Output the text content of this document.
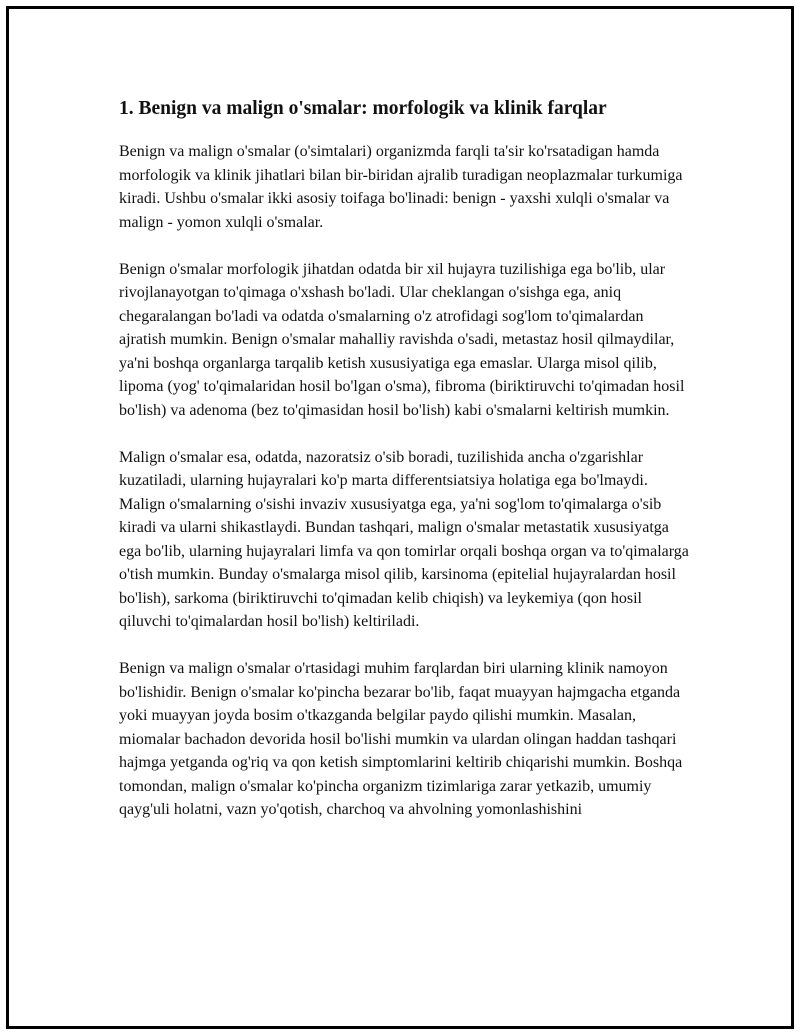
1. Benign va malign o'smalar: morfologik va klinik farqlar

Benign va malign o'smalar (o'simtalari) organizmda farqli ta'sir ko'rsatadigan hamda morfologik va klinik jihatlari bilan bir-biridan ajralib turadigan neoplazmalar turkumiga kiradi. Ushbu o'smalar ikki asosiy toifaga bo'linadi: benign - yaxshi xulqli o'smalar va malign - yomon xulqli o'smalar.

Benign o'smalar morfologik jihatdan odatda bir xil hujayra tuzilishiga ega bo'lib, ular rivojlanayotgan to'qimaga o'xshash bo'ladi. Ular cheklangan o'sishga ega, aniq chegaralangan bo'ladi va odatda o'smalarning o'z atrofidagi sog'lom to'qimalardan ajratish mumkin. Benign o'smalar mahalliy ravishda o'sadi, metastaz hosil qilmaydilar, ya'ni boshqa organlarga tarqalib ketish xususiyatiga ega emaslar. Ularga misol qilib, lipoma (yog' to'qimalaridan hosil bo'lgan o'sma), fibroma (biriktiruvchi to'qimadan hosil bo'lish) va adenoma (bez to'qimasidan hosil bo'lish) kabi o'smalarni keltirish mumkin.

Malign o'smalar esa, odatda, nazoratsiz o'sib boradi, tuzilishida ancha o'zgarishlar kuzatiladi, ularning hujayralari ko'p marta differentsiatsiya holatiga ega bo'lmaydi. Malign o'smalarning o'sishi invaziv xususiyatga ega, ya'ni sog'lom to'qimalarga o'sib kiradi va ularni shikastlaydi. Bundan tashqari, malign o'smalar metastatik xususiyatga ega bo'lib, ularning hujayralari limfa va qon tomirlar orqali boshqa organ va to'qimalarga o'tish mumkin. Bunday o'smalarga misol qilib, karsinoma (epitelial hujayralardan hosil bo'lish), sarkoma (biriktiruvchi to'qimadan kelib chiqish) va leykemiya (qon hosil qiluvchi to'qimalardan hosil bo'lish) keltiriladi.

Benign va malign o'smalar o'rtasidagi muhim farqlardan biri ularning klinik namoyon bo'lishidir. Benign o'smalar ko'pincha bezarar bo'lib, faqat muayyan hajmgacha etganda yoki muayyan joyda bosim o'tkazganda belgilar paydo qilishi mumkin. Masalan, miomalar bachadon devorida hosil bo'lishi mumkin va ulardan olingan haddan tashqari hajmga yetganda og'riq va qon ketish simptomlarini keltirib chiqarishi mumkin. Boshqa tomondan, malign o'smalar ko'pincha organizm tizimlariga zarar yetkazib, umumiy qayg'uli holatni, vazn yo'qotish, charchoq va ahvolning yomonlashishini
